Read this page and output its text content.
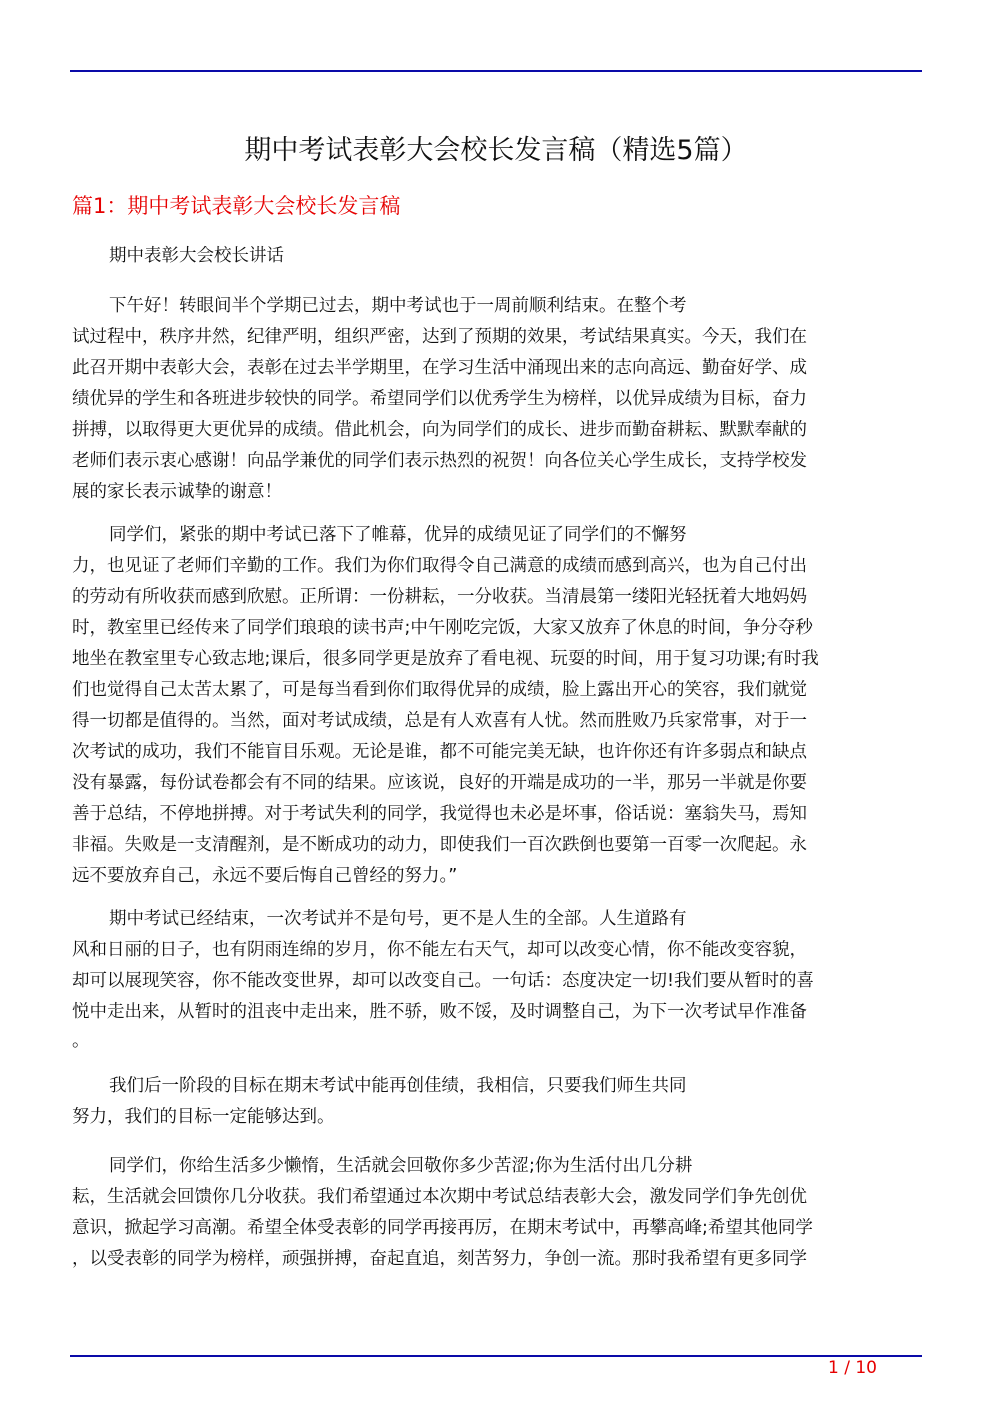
期中考试表彰大会校长发言稿（精选5篇）
篇1：期中考试表彰大会校长发言稿
期中表彰大会校长讲话
下午好！转眼间半个学期已过去，期中考试也于一周前顺利结束。在整个考
试过程中，秩序井然，纪律严明，组织严密，达到了预期的效果，考试结果真实。今天，我们在
此召开期中表彰大会，表彰在过去半学期里，在学习生活中涌现出来的志向高远、勤奋好学、成
绩优异的学生和各班进步较快的同学。希望同学们以优秀学生为榜样，以优异成绩为目标，奋力
拼搏，以取得更大更优异的成绩。借此机会，向为同学们的成长、进步而勤奋耕耘、默默奉献的
老师们表示衷心感谢！向品学兼优的同学们表示热烈的祝贺！向各位关心学生成长，支持学校发
展的家长表示诚挚的谢意！
同学们，紧张的期中考试已落下了帷幕，优异的成绩见证了同学们的不懈努
力，也见证了老师们辛勤的工作。我们为你们取得令自己满意的成绩而感到高兴，也为自己付出
的劳动有所收获而感到欣慰。正所谓：一份耕耘，一分收获。当清晨第一缕阳光轻抚着大地妈妈
时，教室里已经传来了同学们琅琅的读书声;中午刚吃完饭，大家又放弃了休息的时间，争分夺秒
地坐在教室里专心致志地;课后，很多同学更是放弃了看电视、玩耍的时间，用于复习功课;有时我
们也觉得自己太苦太累了，可是每当看到你们取得优异的成绩，脸上露出开心的笑容，我们就觉
得一切都是值得的。当然，面对考试成绩，总是有人欢喜有人忧。然而胜败乃兵家常事，对于一
次考试的成功，我们不能盲目乐观。无论是谁，都不可能完美无缺，也许你还有许多弱点和缺点
没有暴露，每份试卷都会有不同的结果。应该说，良好的开端是成功的一半，那另一半就是你要
善于总结，不停地拼搏。对于考试失利的同学，我觉得也未必是坏事，俗话说：塞翁失马，焉知
非福。失败是一支清醒剂，是不断成功的动力，即使我们一百次跌倒也要第一百零一次爬起。永
远不要放弃自己，永远不要后悔自己曾经的努力。”
期中考试已经结束，一次考试并不是句号，更不是人生的全部。人生道路有
风和日丽的日子，也有阴雨连绵的岁月，你不能左右天气，却可以改变心情，你不能改变容貌，
却可以展现笑容，你不能改变世界，却可以改变自己。一句话：态度决定一切!我们要从暂时的喜
悦中走出来，从暂时的沮丧中走出来，胜不骄，败不馁，及时调整自己，为下一次考试早作准备
。
我们后一阶段的目标在期末考试中能再创佳绩，我相信，只要我们师生共同
努力，我们的目标一定能够达到。
同学们，你给生活多少懒惰，生活就会回敬你多少苦涩;你为生活付出几分耕
耘，生活就会回馈你几分收获。我们希望通过本次期中考试总结表彰大会，激发同学们争先创优
意识，掀起学习高潮。希望全体受表彰的同学再接再厉，在期末考试中，再攀高峰;希望其他同学
，以受表彰的同学为榜样，顽强拼搏，奋起直追，刻苦努力，争创一流。那时我希望有更多同学
1 / 10
